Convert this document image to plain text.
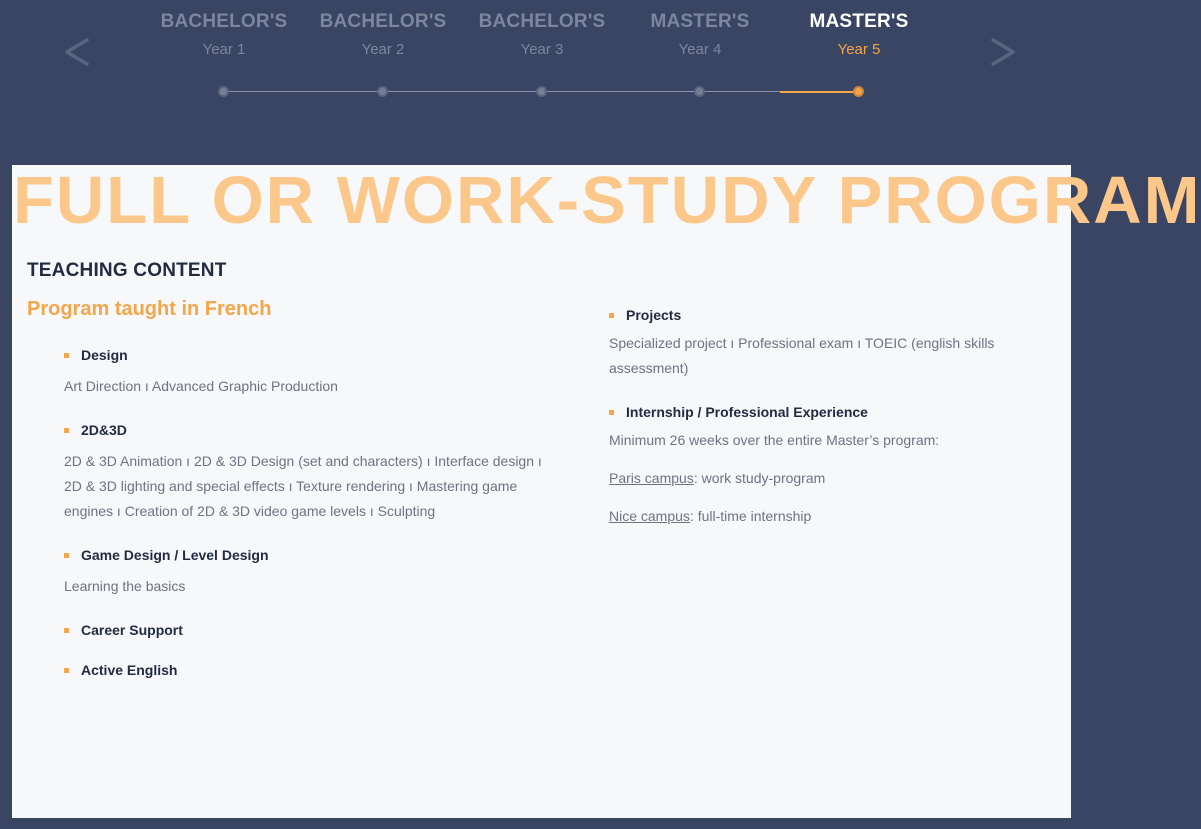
BACHELOR'S
Year 1
BACHELOR'S
Year 2
BACHELOR'S
Year 3
MASTER'S
Year 4
MASTER'S
Year 5
FULL OR WORK-STUDY PROGRAM
TEACHING CONTENT
Program taught in French
Design
Art Direction ı Advanced Graphic Production
2D&3D
2D & 3D Animation ı 2D & 3D Design (set and characters) ı Interface design ı 2D & 3D lighting and special effects ı Texture rendering ı Mastering game engines ı Creation of 2D & 3D video game levels ı Sculpting
Game Design / Level Design
Learning the basics
Career Support
Active English
Projects
Specialized project ı Professional exam ı TOEIC (english skills assessment)
Internship / Professional Experience
Minimum 26 weeks over the entire Master’s program:
Paris campus: work study-program
Nice campus: full-time internship
